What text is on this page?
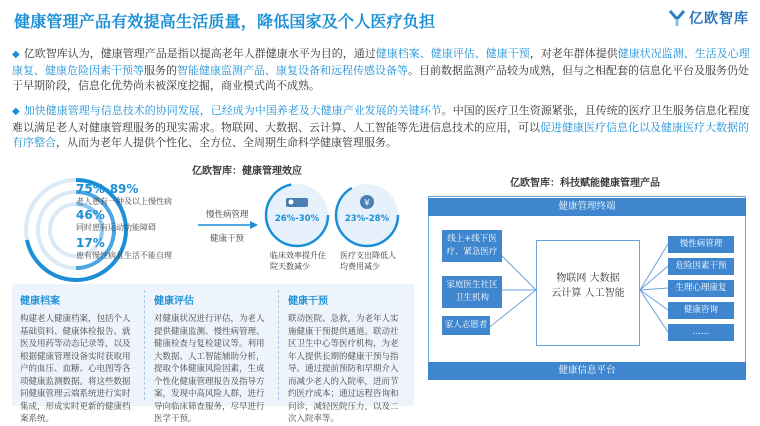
健康管理产品有效提高生活质量，降低国家及个人医疗负担	亿欧智库
◆ 亿欧智库认为，健康管理产品是指以提高老年人群健康水平为目的，通过健康档案、健康评估、健康干预，对老年群体提供健康状况监测、生活及心理康复、健康危险因素干预等服务的智能健康监测产品、康复设备和远程传感设备等。目前数据监测产品较为成熟，但与之相配套的信息化平台及服务仍处于早期阶段，信息化优势尚未被深度挖掘，商业模式尚不成熟。
◆ 加快健康管理与信息技术的协同发展，已经成为中国养老及大健康产业发展的关键环节。中国的医疗卫生资源紧张，且传统的医疗卫生服务信息化程度难以满足老人对健康管理服务的现实需求。物联网、大数据、云计算、人工智能等先进信息技术的应用，可以促进健康医疗信息化以及健康医疗大数据的有序整合，从而为老年人提供个性化、全方位、全周期生命科学健康管理服务。
亿欧智库：健康管理效应
75%-89%
老人患有一种及以上慢性病
46%
同时患有运动功能障碍
17%
患有慢性病且生活不能自理
慢性病管理
健康干预
26%-30%
临床效率提升住院天数减少
¥
23%-28%
医疗支出降低人均费用减少
健康档案
构建老人健康档案，包括个人基础资料、健康体检报告、就医及用药等动态记录等，以及根据健康管理设备实时获取用户的血压、血糖、心电图等各项健康监测数据。将这些数据同健康管理云端系统进行实时集成，形成实时更新的健康档案系统。
健康评估
对健康状况进行评估，为老人提供健康监测、慢性病管理、健康检查与复检建议等。利用大数据、人工智能辅助分析，提取个体健康风险因素，生成个性化健康管理报告及指导方案，发现中高风险人群，进行导向临床筛查服务，尽早进行医学干预。
健康干预
联动医院、急救，为老年人实施健康干预提供通道。联动社区卫生中心等医疗机构，为老年人提供长期的健康干预与指导。通过提前预防和早期介入而减少老人的入院率，进而节约医疗成本；通过远程咨询和问诊，减轻医院压力，以及二次入院率等。
亿欧智库：科技赋能健康管理产品
健康管理终端
健康信息平台
线上+线下医疗、紧急医疗
家庭医生社区卫生机构
家人志愿者
物联网 大数据
云计算 人工智能
慢性病管理
危险因素干预
生理心理康复
健康咨询
……
